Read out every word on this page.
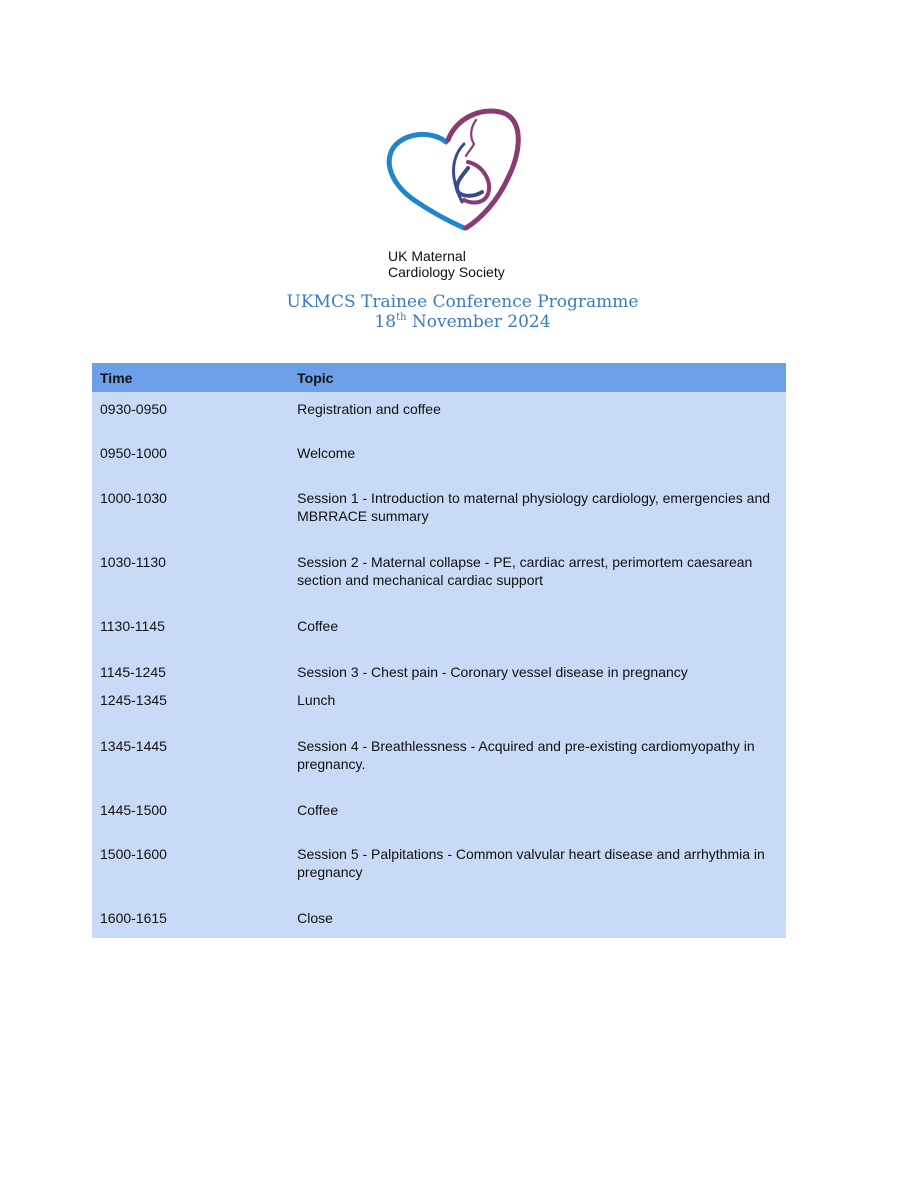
UK Maternal
Cardiology Society
UKMCS Trainee Conference Programme
18th November 2024
Time	Topic
0930-0950	Registration and coffee
0950-1000	Welcome
1000-1030	Session 1 - Introduction to maternal physiology cardiology, emergencies and MBRRACE summary
1030-1130	Session 2 - Maternal collapse - PE, cardiac arrest, perimortem caesarean section and mechanical cardiac support
1130-1145	Coffee
1145-1245	Session 3 - Chest pain - Coronary vessel disease in pregnancy
1245-1345	Lunch
1345-1445	Session 4 - Breathlessness - Acquired and pre-existing cardiomyopathy in pregnancy.
1445-1500	Coffee
1500-1600	Session 5 - Palpitations - Common valvular heart disease and arrhythmia in pregnancy
1600-1615	Close
